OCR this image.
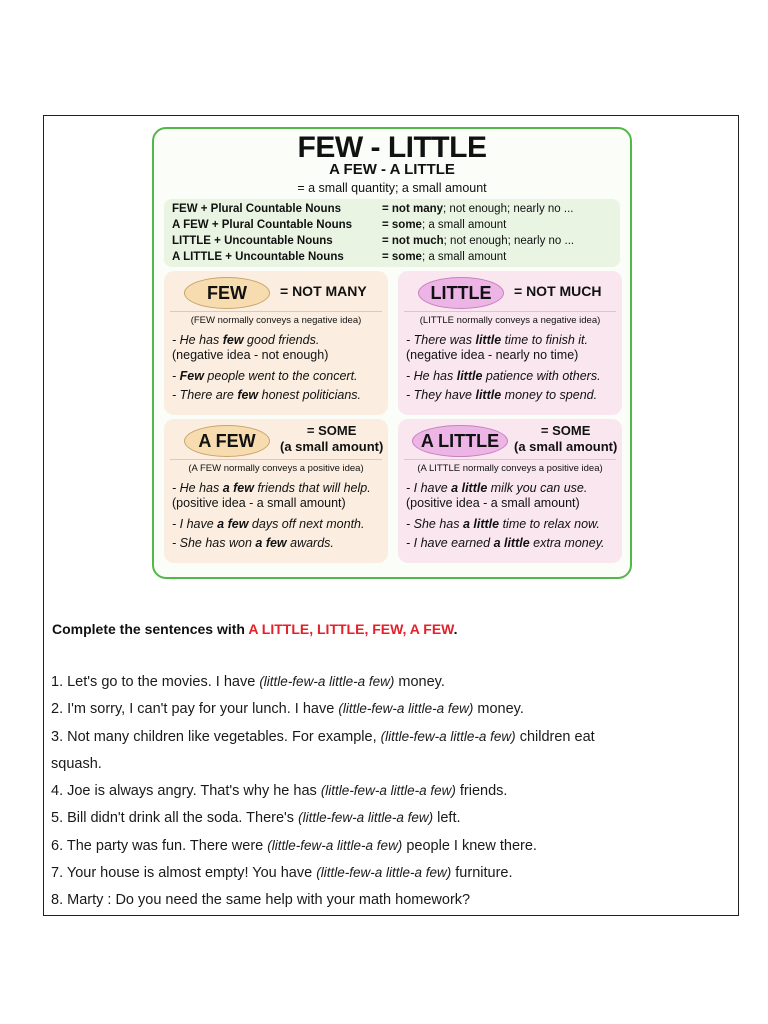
FEW - LITTLE
A FEW - A LITTLE
= a small quantity; a small amount
FEW + Plural Countable Nouns	= not many; not enough; nearly no ...
A FEW + Plural Countable Nouns	= some; a small amount
LITTLE + Uncountable Nouns	= not much; not enough; nearly no ...
A LITTLE + Uncountable Nouns	= some; a small amount
FEW	= NOT MANY
(FEW normally conveys a negative idea)
- He has few good friends.
(negative idea - not enough)
- Few people went to the concert.
- There are few honest politicians.
LITTLE	= NOT MUCH
(LITTLE normally conveys a negative idea)
- There was little time to finish it.
(negative idea - nearly no time)
- He has little patience with others.
- They have little money to spend.
A FEW	= SOME
(a small amount)
(A FEW normally conveys a positive idea)
- He has a few friends that will help.
(positive idea - a small amount)
- I have a few days off next month.
- She has won a few awards.
A LITTLE	= SOME
(a small amount)
(A LITTLE normally conveys a positive idea)
- I have a little milk you can use.
(positive idea - a small amount)
- She has a little time to relax now.
- I have earned a little extra money.
Complete the sentences with A LITTLE, LITTLE, FEW, A FEW.
1. Let's go to the movies. I have (little-few-a little-a few) money.
2. I'm sorry, I can't pay for your lunch. I have (little-few-a little-a few) money.
3. Not many children like vegetables. For example, (little-few-a little-a few) children eat
squash.
4. Joe is always angry. That's why he has (little-few-a little-a few) friends.
5. Bill didn't drink all the soda. There's (little-few-a little-a few) left.
6. The party was fun. There were (little-few-a little-a few) people I knew there.
7. Your house is almost empty! You have (little-few-a little-a few) furniture.
8. Marty : Do you need the same help with your math homework?
